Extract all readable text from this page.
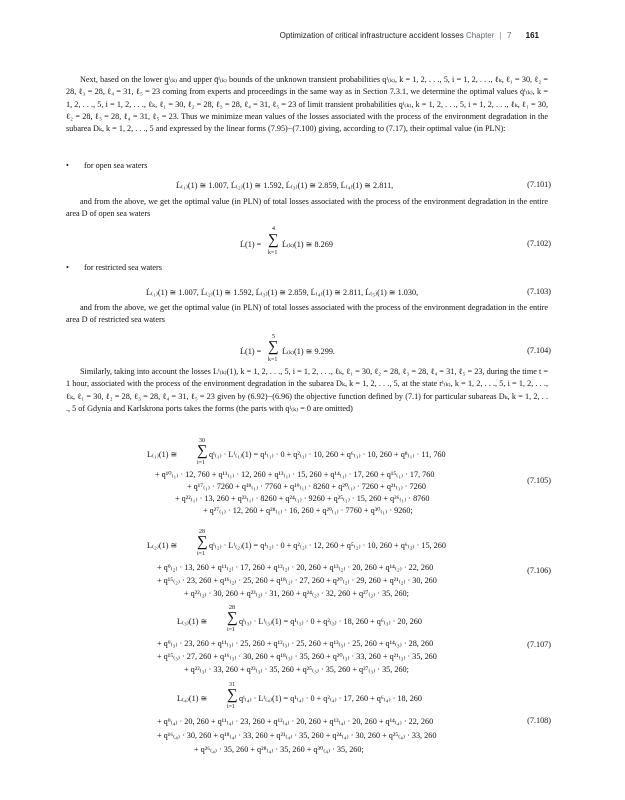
Optimization of critical infrastructure accident losses Chapter | 7 161
Next, based on the lower q̲ⁱ₍ₖ₎ and upper q̄ⁱ₍ₖ₎ bounds of the unknown transient probabilities qⁱ₍ₖ₎, k = 1, 2, . . ., 5, i = 1, 2, . . ., ℓₖ, ℓ₁ = 30, ℓ₂ = 28, ℓ₃ = 28, ℓ₄ = 31, ℓ₅ = 23 coming from experts and proceedings in the same way as in Section 7.3.1, we determine the optimal values q̇ⁱ₍ₖ₎, k = 1, 2, . . ., 5, i = 1, 2, . . ., ℓₖ, ℓ₁ = 30, ℓ₂ = 28, ℓ₃ = 28, ℓ₄ = 31, ℓ₅ = 23 of limit transient probabilities qⁱ₍ₖ₎, k = 1, 2, . . ., 5, i = 1, 2, . . ., ℓₖ, ℓ₁ = 30, ℓ₂ = 28, ℓ₃ = 28, ℓ₄ = 31, ℓ₅ = 23. Thus we minimize mean values of the losses associated with the process of the environment degradation in the subarea Dₖ, k = 1, 2, . . ., 5 and expressed by the linear forms (7.95)−(7.100) giving, according to (7.17), their optimal value (in PLN):
• for open sea waters
L̇₍₁₎(1) ≅ 1.007, L̇₍₂₎(1) ≅ 1.592, L̇₍₃₎(1) ≅ 2.859, L̇₍₄₎(1) ≅ 2.811,	(7.101)
and from the above, we get the optimal value (in PLN) of total losses associated with the process of the environment degradation in the entire area D of open sea waters
L̇(1) =
4
∑
k=1
L̇₍ₖ₎(1) ≅ 8.269	(7.102)
• for restricted sea waters
L̇₍₁₎(1) ≅ 1.007, L̇₍₂₎(1) ≅ 1.592, L̇₍₃₎(1) ≅ 2.859, L̇₍₄₎(1) ≅ 2.811, L̇₍₅₎(1) ≅ 1.030,	(7.103)
and from the above, we get the optimal value (in PLN) of total losses associated with the process of the environment degradation in the entire area D of restricted sea waters
L̇(1) =
5
∑
k=1
L̇₍ₖ₎(1) ≅ 9.299.	(7.104)
Similarly, taking into account the losses Lⁱ₍ₖ₎(1), k = 1, 2, . . ., 5, i = 1, 2, . . ., ℓₖ, ℓ₁ = 30, ℓ₂ = 28, ℓ₃ = 28, ℓ₄ = 31, ℓ₅ = 23, during the time t = 1 hour, associated with the process of the environment degradation in the subarea Dₖ, k = 1, 2, . . ., 5, at the state rⁱ₍ₖ₎, k = 1, 2, . . ., 5, i = 1, 2, . . ., ℓₖ, ℓ₁ = 30, ℓ₂ = 28, ℓ₃ = 28, ℓ₄ = 31, ℓ₅ = 23 given by (6.92)−(6.96) the objective function defined by (7.1) for particular subareas Dₖ, k = 1, 2, . . ., 5 of Gdynia and Karlskrona ports takes the forms (the parts with qⁱ₍ₖ₎ = 0 are omitted)
30
L₍₁₎(1) ≅ ∑
i=1
qⁱ₍₁₎ · Lⁱ₍₁₎(1) = q¹₍₁₎ · 0 + q²₍₁₎ · 10, 260 + q⁶₍₁₎ · 10, 260 + q⁸₍₁₎ · 11, 760
+ q¹⁰₍₁₎ · 12, 760 + q¹¹₍₁₎ · 12, 260 + q¹³₍₁₎ · 15, 260 + q¹⁴₍₁₎ · 17, 260 + q¹⁵₍₁₎ · 17, 760
+ q¹⁷₍₁₎ · 7260 + q¹⁸₍₁₎ · 7760 + q¹⁹₍₁₎ · 8260 + q²⁰₍₁₎ · 7260 + q²¹₍₁₎ · 7260
+ q²²₍₁₎ · 13, 260 + q²³₍₁₎ · 8260 + q²⁴₍₁₎ · 9260 + q²⁵₍₁₎ · 15, 260 + q²⁶₍₁₎ · 8760
+ q²⁷₍₁₎ · 12, 260 + q²⁸₍₁₎ · 16, 260 + q²⁹₍₁₎ · 7760 + q³⁰₍₁₎ · 9260;
(7.105)
28
L₍₂₎(1) ≅ ∑
i=1
qⁱ₍₂₎ · Lⁱ₍₂₎(1) = q¹₍₂₎ · 0 + q²₍₂₎ · 12, 260 + q⁵₍₂₎ · 10, 260 + q⁶₍₂₎ · 15, 260
+ q⁹₍₂₎ · 13, 260 + q¹¹₍₂₎ · 17, 260 + q¹²₍₂₎ · 20, 260 + q¹³₍₂₎ · 20, 260 + q¹⁴₍₂₎ · 22, 260
+ q¹⁵₍₂₎ · 23, 260 + q¹⁶₍₂₎ · 25, 260 + q¹⁸₍₂₎ · 27, 260 + q²⁰₍₂₎ · 29, 260 + q²¹₍₂₎ · 30, 260
+ q²²₍₂₎ · 30, 260 + q²³₍₂₎ · 31, 260 + q²⁴₍₂₎ · 32, 260 + q²⁷₍₂₎ · 35, 260;
(7.106)
28
L₍₃₎(1) ≅ ∑
i=1
qⁱ₍₃₎ · Lⁱ₍₃₎(1) = q¹₍₃₎ · 0 + q²₍₃₎ · 18, 260 + q⁶₍₃₎ · 20, 260
+ q⁹₍₃₎ · 23, 260 + q¹¹₍₃₎ · 25, 260 + q¹²₍₃₎ · 25, 260 + q¹³₍₃₎ · 25, 260 + q¹⁴₍₃₎ · 28, 260
+ q¹⁵₍₃₎ · 27, 260 + q¹⁶₍₃₎ · 30, 260 + q¹⁸₍₃₎ · 35, 260 + q²⁰₍₃₎ · 33, 260 + q²¹₍₃₎ · 35, 260
+ q²²₍₃₎ · 33, 260 + q²³₍₃₎ · 35, 260 + q²⁵₍₃₎ · 35, 260 + q²⁷₍₃₎ · 35, 260;
(7.107)
31
L₍₄₎(1) ≅ ∑
i=1
qⁱ₍₄₎ · Lⁱ₍₄₎(1) = q¹₍₄₎ · 0 + q²₍₄₎ · 17, 260 + q⁶₍₄₎ · 18, 260
+ q⁹₍₄₎ · 20, 260 + q¹¹₍₄₎ · 23, 260 + q¹²₍₄₎ · 20, 260 + q¹³₍₄₎ · 20, 260 + q¹⁴₍₄₎ · 22, 260
+ q¹⁶₍₄₎ · 30, 260 + q¹⁸₍₄₎ · 33, 260 + q²¹₍₄₎ · 35, 260 + q²⁴₍₄₎ · 30, 260 + q²⁵₍₄₎ · 33, 260
+ q²⁶₍₄₎ · 35, 260 + q²⁸₍₄₎ · 35, 260 + q³⁰₍₄₎ · 35, 260;
(7.108)
